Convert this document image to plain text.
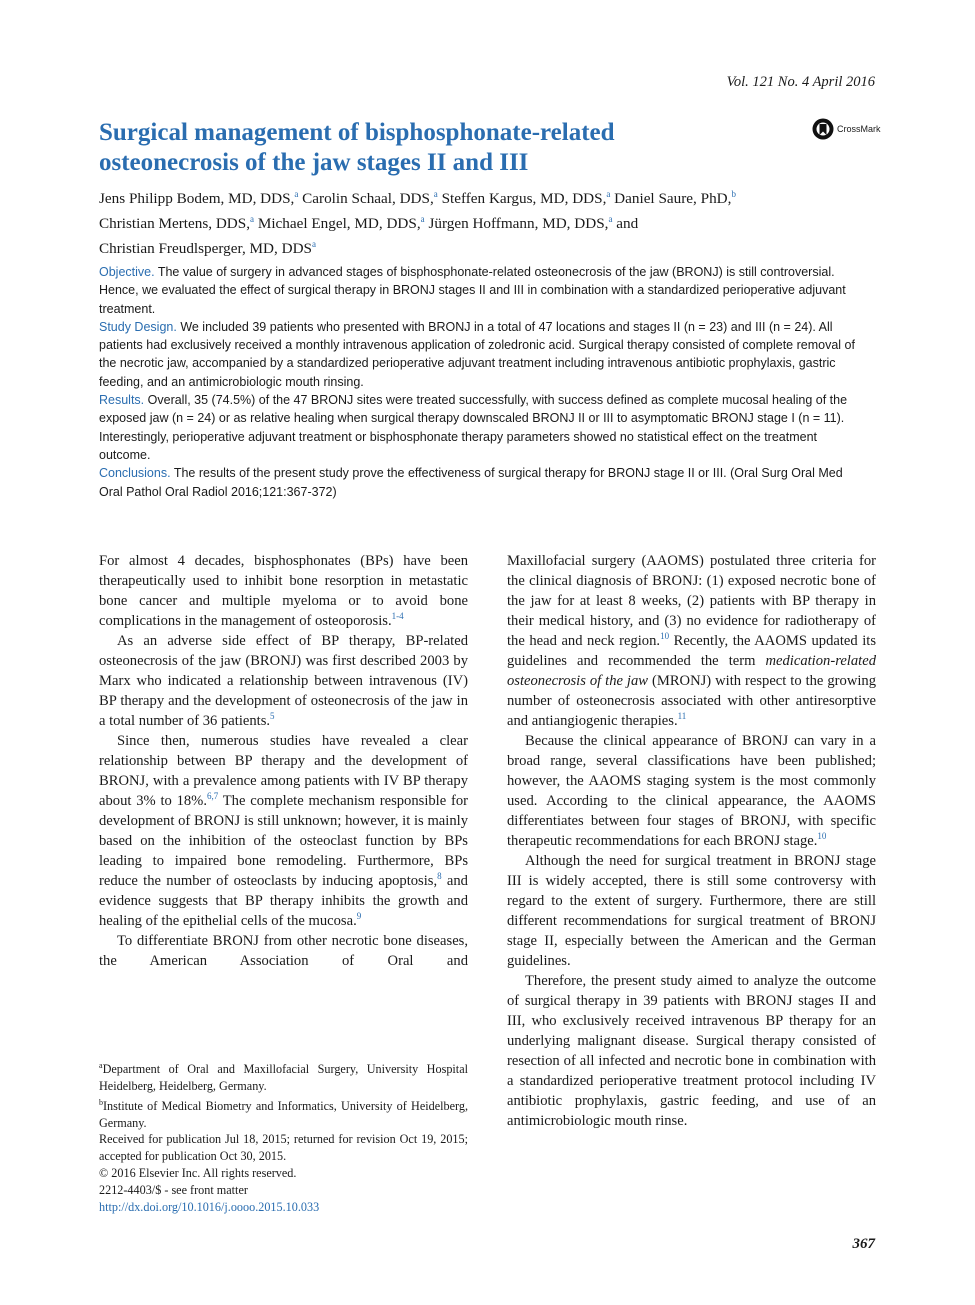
Vol. 121 No. 4 April 2016
Surgical management of bisphosphonate-related osteonecrosis of the jaw stages II and III
CrossMark
Jens Philipp Bodem, MD, DDS,$^a$ Carolin Schaal, DDS,$^a$ Steffen Kargus, MD, DDS,$^a$ Daniel Saure, PhD,$^b$
Christian Mertens, DDS,$^a$ Michael Engel, MD, DDS,$^a$ Jürgen Hoffmann, MD, DDS,$^a$ and
Christian Freudlsperger, MD, DDS$^a$

Objective. The value of surgery in advanced stages of bisphosphonate-related osteonecrosis of the jaw (BRONJ) is still controversial. Hence, we evaluated the effect of surgical therapy in BRONJ stages II and III in combination with a standardized perioperative adjuvant treatment.

Study Design. We included 39 patients who presented with BRONJ in a total of 47 locations and stages II (n = 23) and III (n = 24). All patients had exclusively received a monthly intravenous application of zoledronic acid. Surgical therapy consisted of complete removal of the necrotic jaw, accompanied by a standardized perioperative adjuvant treatment including intravenous antibiotic prophylaxis, gastric feeding, and an antimicrobiologic mouth rinsing.

Results. Overall, 35 (74.5%) of the 47 BRONJ sites were treated successfully, with success defined as complete mucosal healing of the exposed jaw (n = 24) or as relative healing when surgical therapy downscaled BRONJ II or III to asymptomatic BRONJ stage I (n = 11). Interestingly, perioperative adjuvant treatment or bisphosphonate therapy parameters showed no statistical effect on the treatment outcome.

Conclusions. The results of the present study prove the effectiveness of surgical therapy for BRONJ stage II or III. (Oral Surg Oral Med Oral Pathol Oral Radiol 2016;121:367-372)

For almost 4 decades, bisphosphonates (BPs) have been therapeutically used to inhibit bone resorption in metastatic bone cancer and multiple myeloma or to avoid bone complications in the management of osteoporosis.$^{1-4}$

As an adverse side effect of BP therapy, BP-related osteonecrosis of the jaw (BRONJ) was first described 2003 by Marx who indicated a relationship between intravenous (IV) BP therapy and the development of osteonecrosis of the jaw in a total number of 36 patients.$^5$

Since then, numerous studies have revealed a clear relationship between BP therapy and the development of BRONJ, with a prevalence among patients with IV BP therapy about 3% to 18%.$^{6,7}$ The complete mechanism responsible for development of BRONJ is still unknown; however, it is mainly based on the inhibition of the osteoclast function by BPs leading to impaired bone remodeling. Furthermore, BPs reduce the number of osteoclasts by inducing apoptosis,$^8$ and evidence suggests that BP therapy inhibits the growth and healing of the epithelial cells of the mucosa.$^9$

To differentiate BRONJ from other necrotic bone diseases, the American Association of Oral and

Maxillofacial surgery (AAOMS) postulated three criteria for the clinical diagnosis of BRONJ: (1) exposed necrotic bone of the jaw for at least 8 weeks, (2) patients with BP therapy in their medical history, and (3) no evidence for radiotherapy of the head and neck region.$^{10}$ Recently, the AAOMS updated its guidelines and recommended the term medication-related osteonecrosis of the jaw (MRONJ) with respect to the growing number of osteonecrosis associated with other antiresorptive and antiangiogenic therapies.$^{11}$

Because the clinical appearance of BRONJ can vary in a broad range, several classifications have been published; however, the AAOMS staging system is the most commonly used. According to the clinical appearance, the AAOMS differentiates between four stages of BRONJ, with specific therapeutic recommendations for each BRONJ stage.$^{10}$

Although the need for surgical treatment in BRONJ stage III is widely accepted, there is still some controversy with regard to the extent of surgery. Furthermore, there are still different recommendations for surgical treatment of BRONJ stage II, especially between the American and the German guidelines.

Therefore, the present study aimed to analyze the outcome of surgical therapy in 39 patients with BRONJ stages II and III, who exclusively received intravenous BP therapy for an underlying malignant disease. Surgical therapy consisted of resection of all infected and necrotic bone in combination with a standardized perioperative treatment protocol including IV antibiotic prophylaxis, gastric feeding, and use of an antimicrobiologic mouth rinse.

$^a$Department of Oral and Maxillofacial Surgery, University Hospital Heidelberg, Heidelberg, Germany.

$^b$Institute of Medical Biometry and Informatics, University of Heidelberg, Germany.

Received for publication Jul 18, 2015; returned for revision Oct 19, 2015; accepted for publication Oct 30, 2015.

© 2016 Elsevier Inc. All rights reserved.

2212-4403/$ - see front matter

http://dx.doi.org/10.1016/j.oooo.2015.10.033

367
